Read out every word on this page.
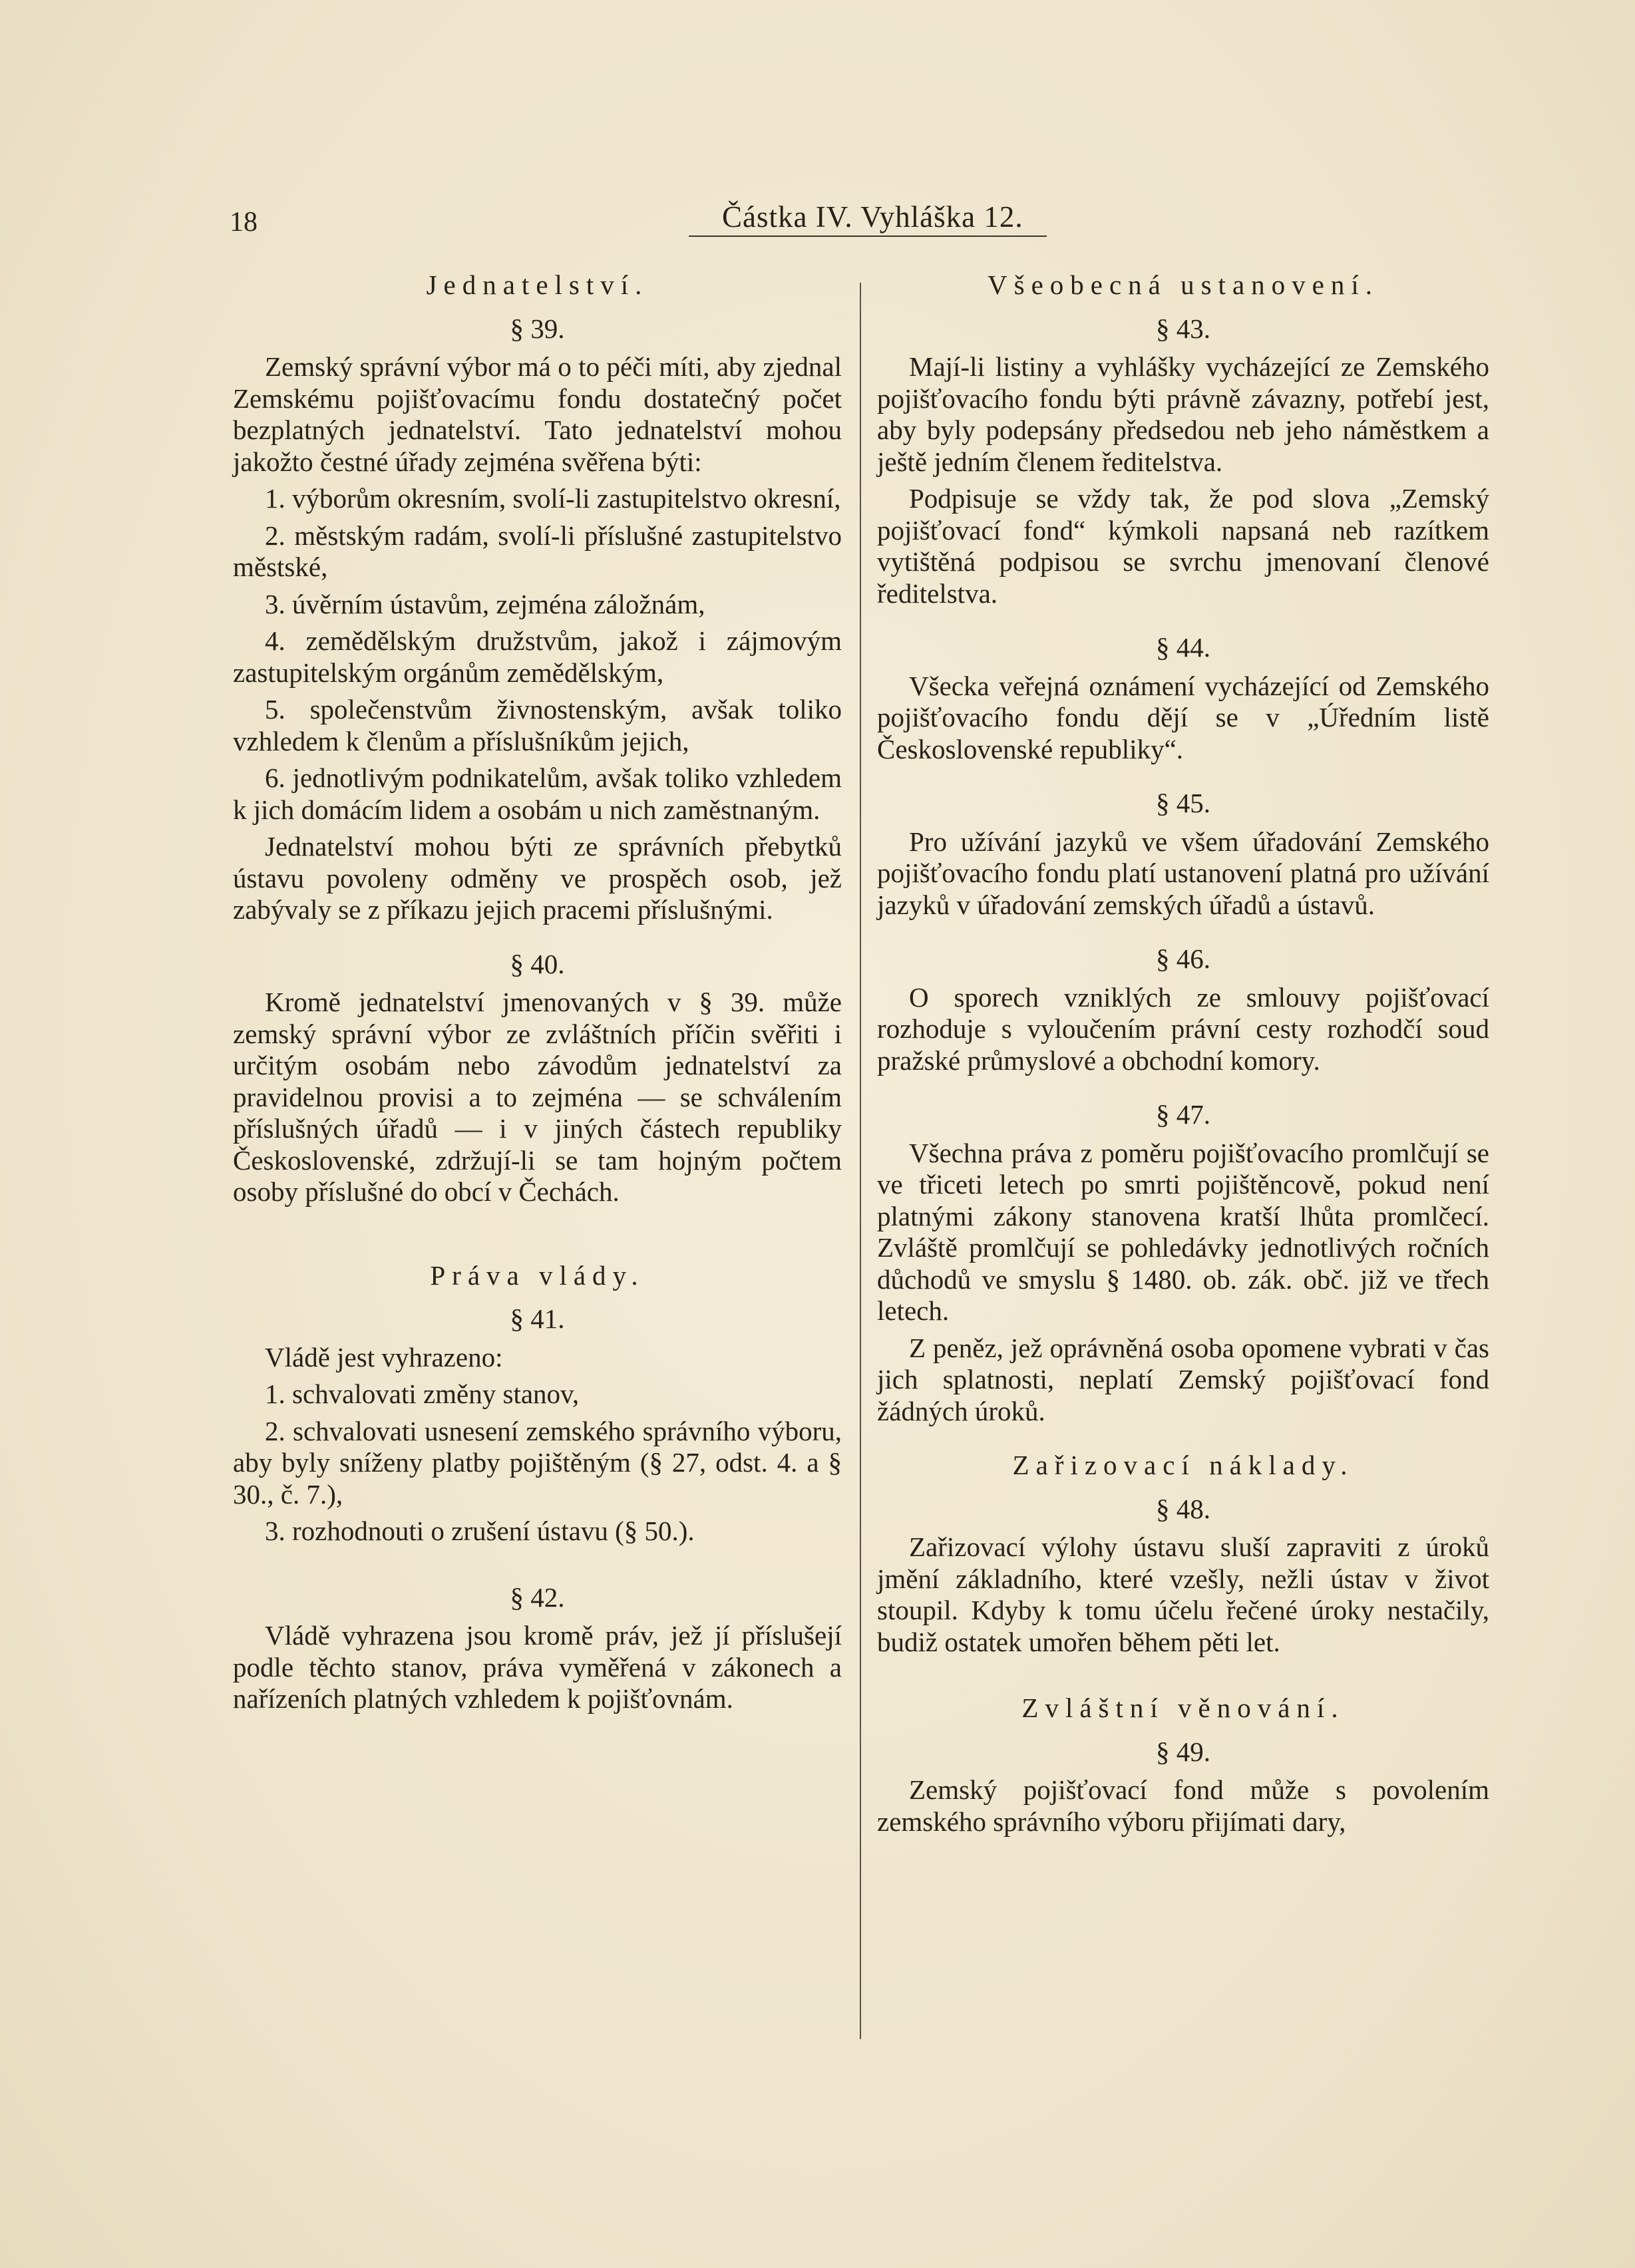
18	Částka IV. Vyhláška 12.
Jednatelství.
§ 39.

Zemský správní výbor má o to péči míti, aby zjednal Zemskému pojišťovacímu fondu dostatečný počet bezplatných jednatelství. Tato jednatelství mohou jakožto čestné úřady zejména svěřena býti:

1. výborům okresním, svolí-li zastupitelstvo okresní,

2. městským radám, svolí-li příslušné zastupitelstvo městské,

3. úvěrním ústavům, zejména záložnám,

4. zemědělským družstvům, jakož i zájmovým zastupitelským orgánům zemědělským,

5. společenstvům živnostenským, avšak toliko vzhledem k členům a příslušníkům jejich,

6. jednotlivým podnikatelům, avšak toliko vzhledem k jich domácím lidem a osobám u nich zaměstnaným.

Jednatelství mohou býti ze správních přebytků ústavu povoleny odměny ve prospěch osob, jež zabývaly se z příkazu jejich pracemi příslušnými.

§ 40.

Kromě jednatelství jmenovaných v § 39. může zemský správní výbor ze zvláštních příčin svěřiti i určitým osobám nebo závodům jednatelství za pravidelnou provisi a to zejména — se schválením příslušných úřadů — i v jiných částech republiky Československé, zdržují-li se tam hojným počtem osoby příslušné do obcí v Čechách.

Práva vlády.
§ 41.

Vládě jest vyhrazeno:

1. schvalovati změny stanov,

2. schvalovati usnesení zemského správního výboru, aby byly sníženy platby pojištěným (§ 27, odst. 4. a § 30., č. 7.),

3. rozhodnouti o zrušení ústavu (§ 50.).

§ 42.

Vládě vyhrazena jsou kromě práv, jež jí příslušejí podle těchto stanov, práva vyměřená v zákonech a nařízeních platných vzhledem k pojišťovnám.

Všeobecná ustanovení.
§ 43.

Mají-li listiny a vyhlášky vycházející ze Zemského pojišťovacího fondu býti právně závazny, potřebí jest, aby byly podepsány předsedou neb jeho náměstkem a ještě jedním členem ředitelstva.

Podpisuje se vždy tak, že pod slova „Zemský pojišťovací fond“ kýmkoli napsaná neb razítkem vytištěná podpisou se svrchu jmenovaní členové ředitelstva.

§ 44.

Všecka veřejná oznámení vycházející od Zemského pojišťovacího fondu dějí se v „Úředním listě Československé republiky“.

§ 45.

Pro užívání jazyků ve všem úřadování Zemského pojišťovacího fondu platí ustanovení platná pro užívání jazyků v úřadování zemských úřadů a ústavů.

§ 46.

O sporech vzniklých ze smlouvy pojišťovací rozhoduje s vyloučením právní cesty rozhodčí soud pražské průmyslové a obchodní komory.

§ 47.

Všechna práva z poměru pojišťovacího promlčují se ve třiceti letech po smrti pojištěncově, pokud není platnými zákony stanovena kratší lhůta promlčecí. Zvláště promlčují se pohledávky jednotlivých ročních důchodů ve smyslu § 1480. ob. zák. obč. již ve třech letech.

Z peněz, jež oprávněná osoba opomene vybrati v čas jich splatnosti, neplatí Zemský pojišťovací fond žádných úroků.

Zařizovací náklady.
§ 48.

Zařizovací výlohy ústavu sluší zapraviti z úroků jmění základního, které vzešly, nežli ústav v život stoupil. Kdyby k tomu účelu řečené úroky nestačily, budiž ostatek umořen během pěti let.

Zvláštní věnování.
§ 49.

Zemský pojišťovací fond může s povolením zemského správního výboru přijímati dary,
